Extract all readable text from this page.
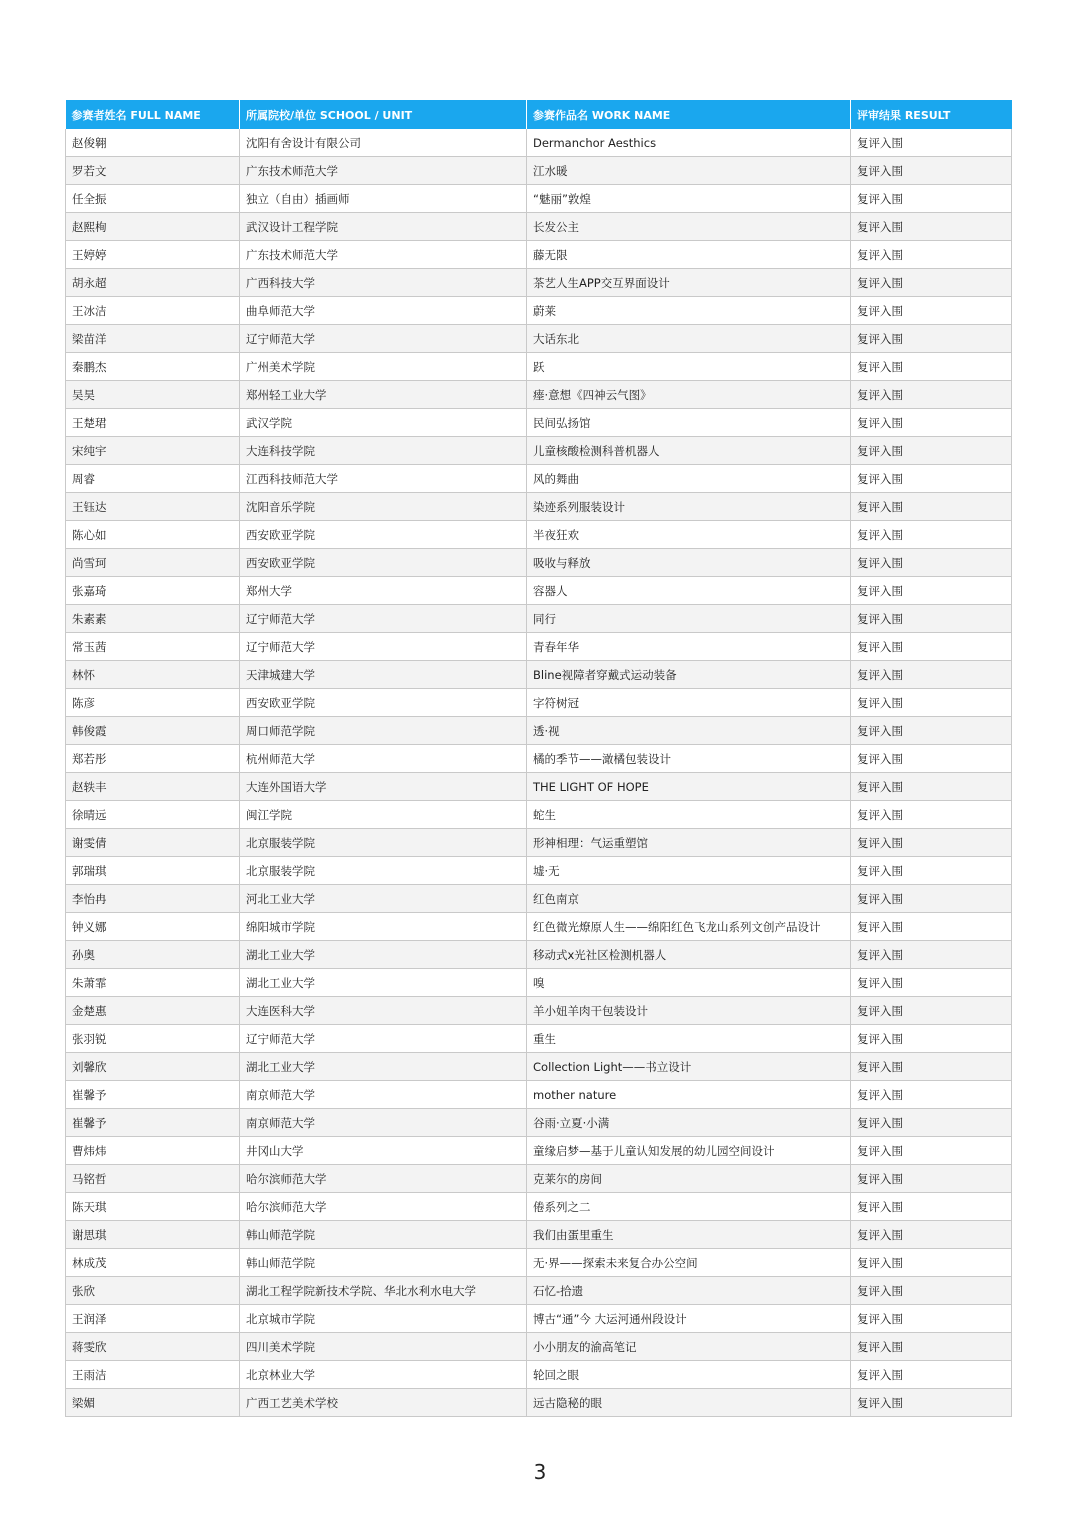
参赛者姓名 FULL NAME	所属院校/单位 SCHOOL / UNIT	参赛作品名 WORK NAME	评审结果 RESULT
赵俊翱	沈阳有舍设计有限公司	Dermanchor Aesthics	复评入围
罗若文	广东技术师范大学	江水暖	复评入围
任全振	独立（自由）插画师	“魅丽”敦煌	复评入围
赵熙栒	武汉设计工程学院	长发公主	复评入围
王婷婷	广东技术师范大学	藤无限	复评入围
胡永超	广西科技大学	茶艺人生APP交互界面设计	复评入围
王冰洁	曲阜师范大学	蔚莱	复评入围
梁苗洋	辽宁师范大学	大话东北	复评入围
秦鹏杰	广州美术学院	跃	复评入围
吴昊	郑州轻工业大学	瘗·意想《四神云气图》	复评入围
王楚珺	武汉学院	民间弘扬馆	复评入围
宋纯宇	大连科技学院	儿童核酸检测科普机器人	复评入围
周睿	江西科技师范大学	风的舞曲	复评入围
王钰达	沈阳音乐学院	染迹系列服装设计	复评入围
陈心如	西安欧亚学院	半夜狂欢	复评入围
尚雪珂	西安欧亚学院	吸收与释放	复评入围
张嘉琦	郑州大学	容器人	复评入围
朱素素	辽宁师范大学	同行	复评入围
常玉茜	辽宁师范大学	青春年华	复评入围
林怀	天津城建大学	Bline视障者穿戴式运动装备	复评入围
陈彦	西安欧亚学院	字符树冠	复评入围
韩俊霞	周口师范学院	透·视	复评入围
郑若彤	杭州师范大学	橘的季节——澉橘包装设计	复评入围
赵轶丰	大连外国语大学	THE LIGHT OF HOPE	复评入围
徐晴远	闽江学院	蛇生	复评入围
谢雯倩	北京服装学院	形神相理：气运重塑馆	复评入围
郭瑞琪	北京服装学院	墟·无	复评入围
李怡冉	河北工业大学	红色南京	复评入围
钟义娜	绵阳城市学院	红色微光燎原人生——绵阳红色飞龙山系列文创产品设计	复评入围
孙奥	湖北工业大学	移动式x光社区检测机器人	复评入围
朱萧霏	湖北工业大学	嗅	复评入围
金楚惠	大连医科大学	羊小妞羊肉干包装设计	复评入围
张羽锐	辽宁师范大学	重生	复评入围
刘馨欣	湖北工业大学	Collection Light——书立设计	复评入围
崔馨予	南京师范大学	mother nature	复评入围
崔馨予	南京师范大学	谷雨·立夏·小满	复评入围
曹炜炜	井冈山大学	童缘启梦—基于儿童认知发展的幼儿园空间设计	复评入围
马铭哲	哈尔滨师范大学	克莱尔的房间	复评入围
陈天琪	哈尔滨师范大学	倦系列之二	复评入围
谢思琪	韩山师范学院	我们由蛋里重生	复评入围
林成茂	韩山师范学院	无·界——探索未来复合办公空间	复评入围
张欣	湖北工程学院新技术学院、华北水利水电大学	石忆-拾遗	复评入围
王润泽	北京城市学院	博古“通”今 大运河通州段设计	复评入围
蒋雯欣	四川美术学院	小小朋友的渝高笔记	复评入围
王雨洁	北京林业大学	轮回之眼	复评入围
梁媚	广西工艺美术学校	远古隐秘的眼	复评入围
3
